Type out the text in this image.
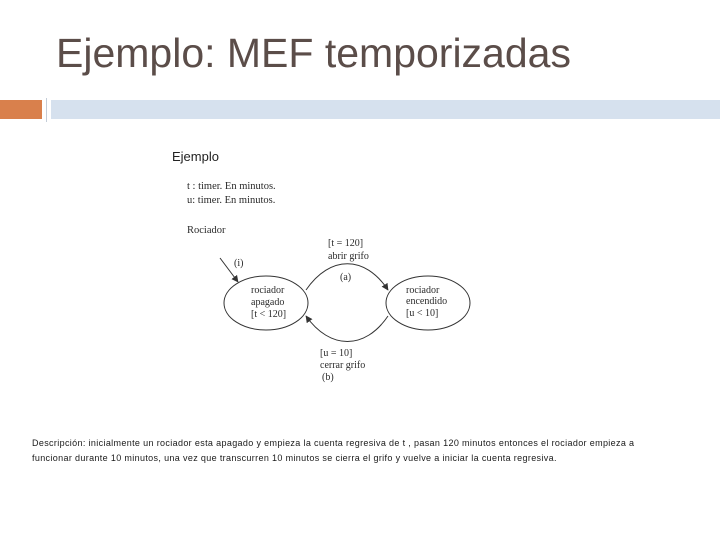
Ejemplo: MEF temporizadas
Ejemplo
t : timer. En minutos.
u: timer. En minutos.
Rociador
(i)
rociador
apagado
[t < 120]
rociador
encendido
[u < 10]
[t = 120]
abrir grifo
(a)
[u = 10]
cerrar grifo
(b)

Descripción: inicialmente un rociador esta apagado y empieza la cuenta regresiva de t , pasan 120 minutos entonces el rociador empieza a funcionar durante 10 minutos, una vez que transcurren 10 minutos se cierra el grifo y vuelve a iniciar la cuenta regresiva.
